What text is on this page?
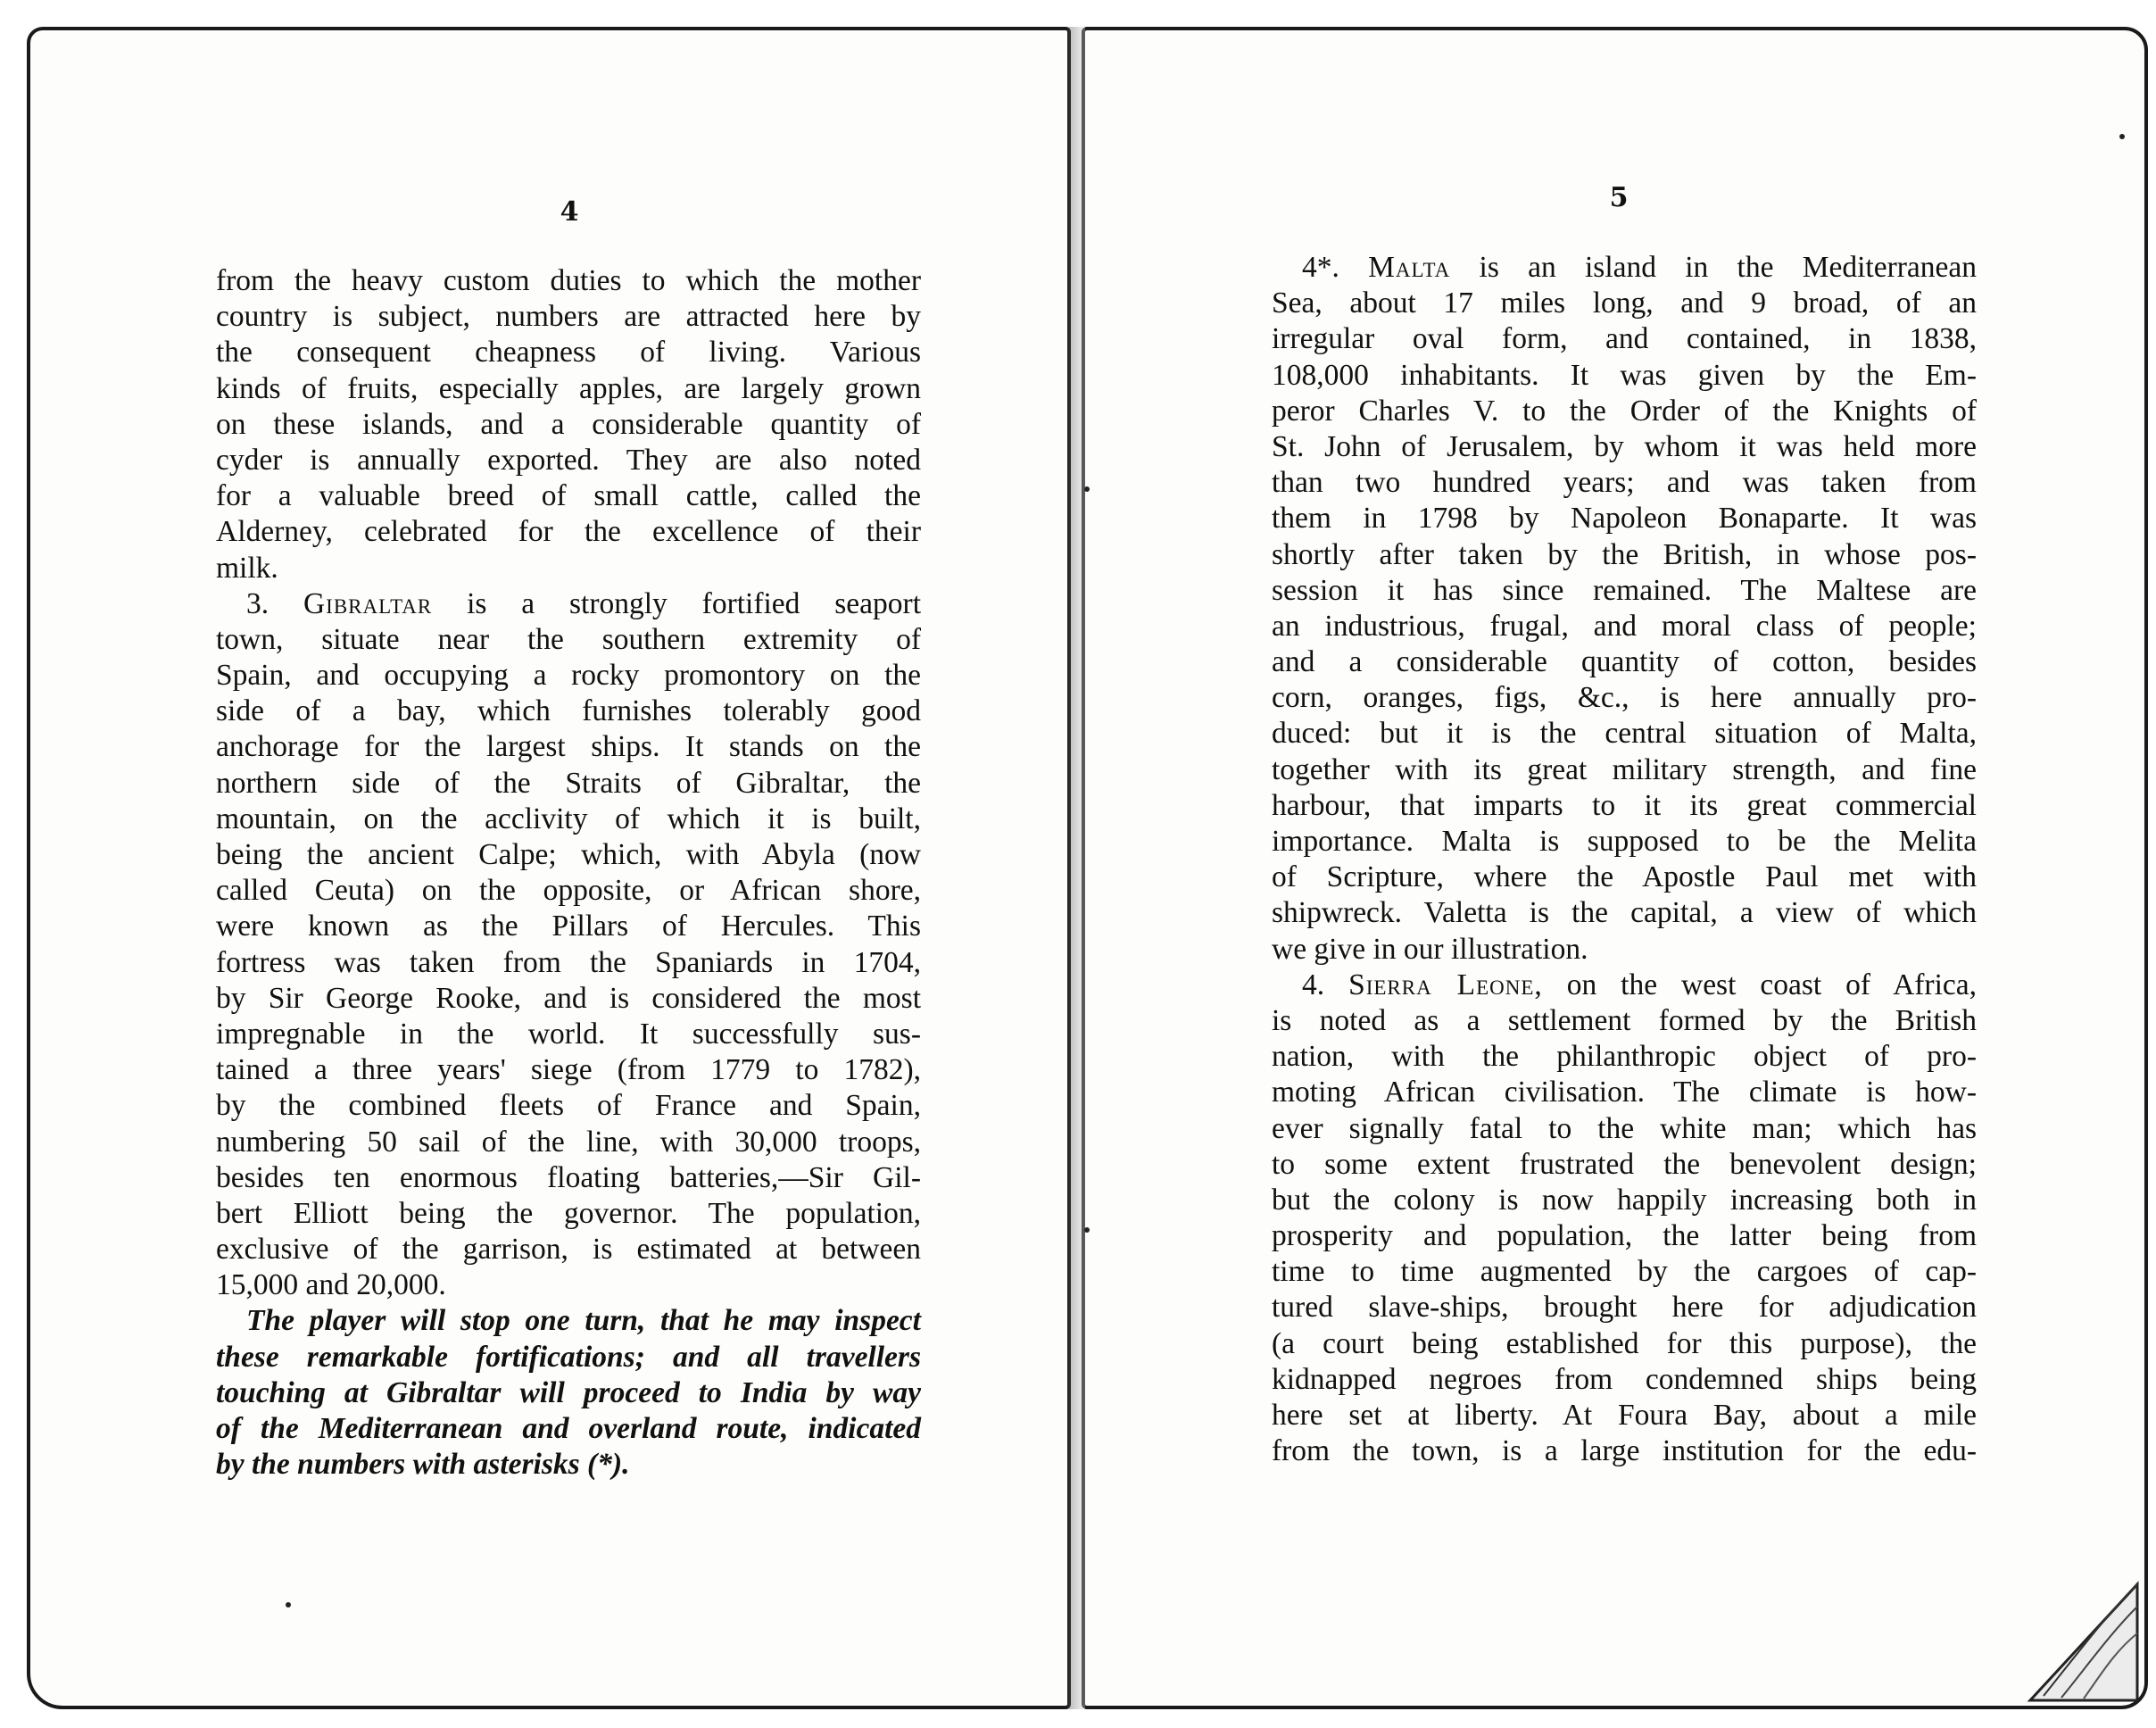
4	5
from the heavy custom duties to which the mother
country is subject, numbers are attracted here by
the consequent cheapness of living. Various
kinds of fruits, especially apples, are largely grown
on these islands, and a considerable quantity of
cyder is annually exported. They are also noted
for a valuable breed of small cattle, called the
Alderney, celebrated for the excellence of their
milk.
3. Gibraltar is a strongly fortified seaport
town, situate near the southern extremity of
Spain, and occupying a rocky promontory on the
side of a bay, which furnishes tolerably good
anchorage for the largest ships. It stands on the
northern side of the Straits of Gibraltar, the
mountain, on the acclivity of which it is built,
being the ancient Calpe; which, with Abyla (now
called Ceuta) on the opposite, or African shore,
were known as the Pillars of Hercules. This
fortress was taken from the Spaniards in 1704,
by Sir George Rooke, and is considered the most
impregnable in the world. It successfully sus-
tained a three years' siege (from 1779 to 1782),
by the combined fleets of France and Spain,
numbering 50 sail of the line, with 30,000 troops,
besides ten enormous floating batteries,—Sir Gil-
bert Elliott being the governor. The population,
exclusive of the garrison, is estimated at between
15,000 and 20,000.
The player will stop one turn, that he may inspect
these remarkable fortifications; and all travellers
touching at Gibraltar will proceed to India by way
of the Mediterranean and overland route, indicated
by the numbers with asterisks (*).
4*. Malta is an island in the Mediterranean
Sea, about 17 miles long, and 9 broad, of an
irregular oval form, and contained, in 1838,
108,000 inhabitants. It was given by the Em-
peror Charles V. to the Order of the Knights of
St. John of Jerusalem, by whom it was held more
than two hundred years; and was taken from
them in 1798 by Napoleon Bonaparte. It was
shortly after taken by the British, in whose pos-
session it has since remained. The Maltese are
an industrious, frugal, and moral class of people;
and a considerable quantity of cotton, besides
corn, oranges, figs, &c., is here annually pro-
duced: but it is the central situation of Malta,
together with its great military strength, and fine
harbour, that imparts to it its great commercial
importance. Malta is supposed to be the Melita
of Scripture, where the Apostle Paul met with
shipwreck. Valetta is the capital, a view of which
we give in our illustration.
4. Sierra Leone, on the west coast of Africa,
is noted as a settlement formed by the British
nation, with the philanthropic object of pro-
moting African civilisation. The climate is how-
ever signally fatal to the white man; which has
to some extent frustrated the benevolent design;
but the colony is now happily increasing both in
prosperity and population, the latter being from
time to time augmented by the cargoes of cap-
tured slave-ships, brought here for adjudication
(a court being established for this purpose), the
kidnapped negroes from condemned ships being
here set at liberty. At Foura Bay, about a mile
from the town, is a large institution for the edu-
